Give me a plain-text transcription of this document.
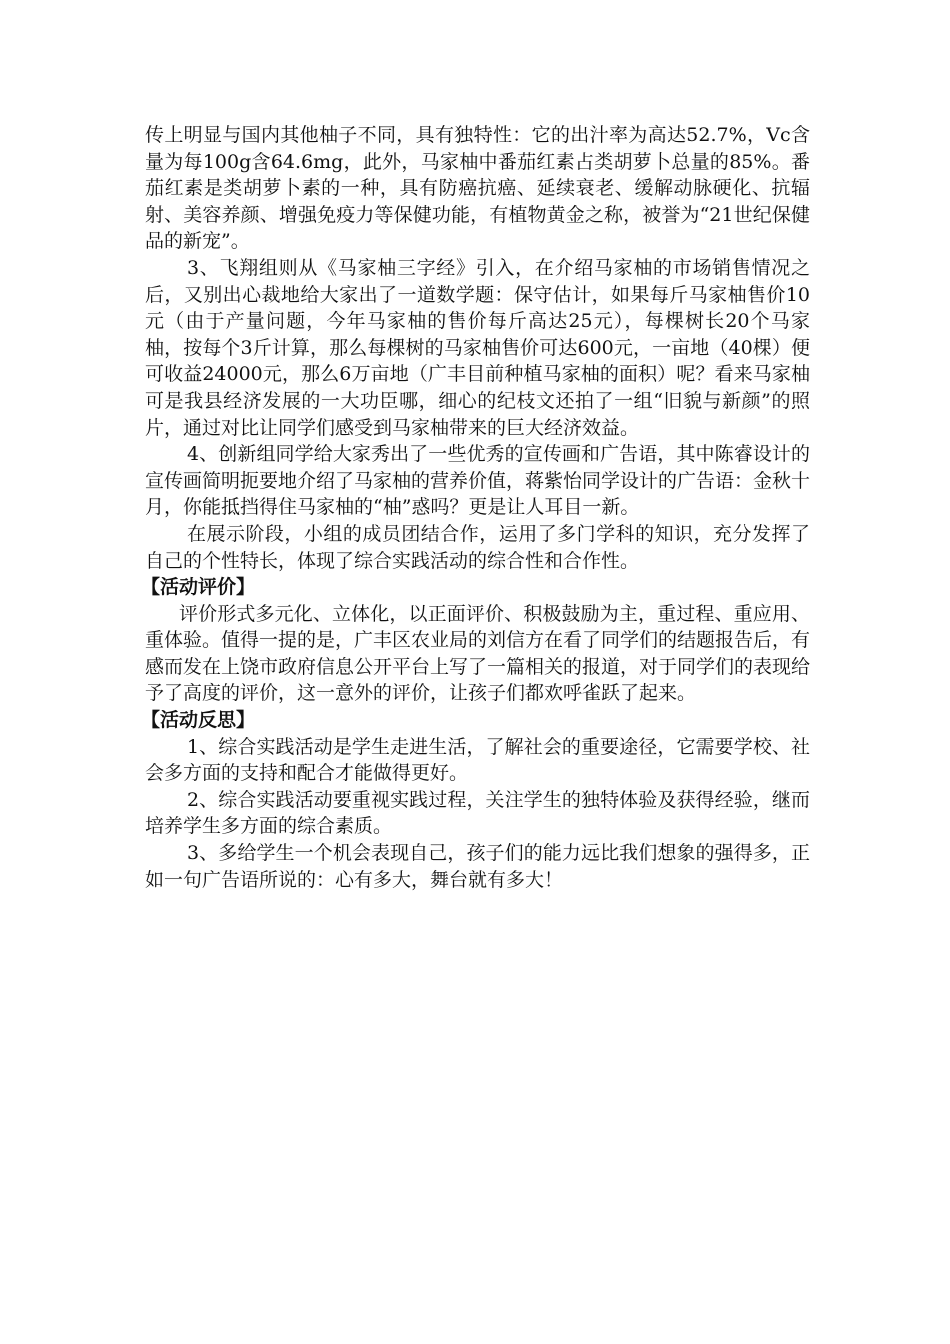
传上明显与国内其他柚子不同，具有独特性：它的出汁率为高达52.7%，Vc含量为每100g含64.6mg，此外，马家柚中番茄红素占类胡萝卜总量的85%。番茄红素是类胡萝卜素的一种，具有防癌抗癌、延续衰老、缓解动脉硬化、抗辐射、美容养颜、增强免疫力等保健功能，有植物黄金之称，被誉为“21世纪保健品的新宠”。

3、飞翔组则从《马家柚三字经》引入，在介绍马家柚的市场销售情况之后，又别出心裁地给大家出了一道数学题：保守估计，如果每斤马家柚售价10元（由于产量问题，今年马家柚的售价每斤高达25元），每棵树长20个马家柚，按每个3斤计算，那么每棵树的马家柚售价可达600元，一亩地（40棵）便可收益24000元，那么6万亩地（广丰目前种植马家柚的面积）呢？看来马家柚可是我县经济发展的一大功臣哪，细心的纪枝文还拍了一组“旧貌与新颜”的照片，通过对比让同学们感受到马家柚带来的巨大经济效益。

4、创新组同学给大家秀出了一些优秀的宣传画和广告语，其中陈睿设计的宣传画简明扼要地介绍了马家柚的营养价值，蒋紫怡同学设计的广告语：金秋十月，你能抵挡得住马家柚的“柚”惑吗？更是让人耳目一新。

在展示阶段，小组的成员团结合作，运用了多门学科的知识，充分发挥了自己的个性特长，体现了综合实践活动的综合性和合作性。

【活动评价】

评价形式多元化、立体化，以正面评价、积极鼓励为主，重过程、重应用、重体验。值得一提的是，广丰区农业局的刘信方在看了同学们的结题报告后，有感而发在上饶市政府信息公开平台上写了一篇相关的报道，对于同学们的表现给予了高度的评价，这一意外的评价，让孩子们都欢呼雀跃了起来。

【活动反思】

1、综合实践活动是学生走进生活，了解社会的重要途径，它需要学校、社会多方面的支持和配合才能做得更好。

2、综合实践活动要重视实践过程，关注学生的独特体验及获得经验，继而培养学生多方面的综合素质。

3、多给学生一个机会表现自己，孩子们的能力远比我们想象的强得多，正如一句广告语所说的：心有多大，舞台就有多大！
